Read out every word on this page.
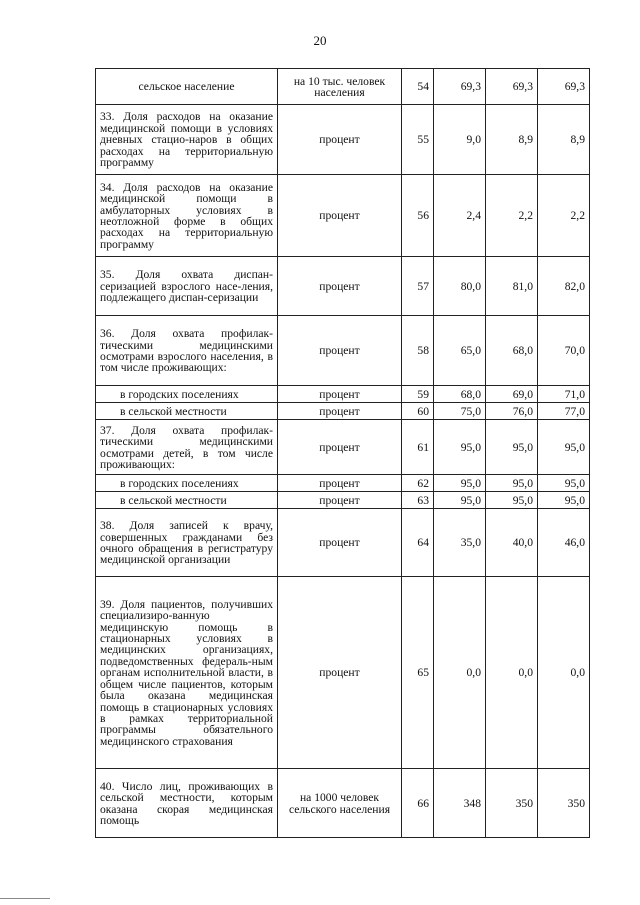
20
сельское население	на 10 тыс. человек населения	54	69,3	69,3	69,3
33. Доля расходов на оказание медицинской помощи в условиях дневных стацио-наров в общих расходах на территориальную программу	процент	55	9,0	8,9	8,9
34. Доля расходов на оказание медицинской помощи в амбулаторных условиях в неотложной форме в общих расходах на территориальную программу	процент	56	2,4	2,2	2,2
35. Доля охвата диспан-серизацией взрослого насе-ления, подлежащего диспан-серизации	процент	57	80,0	81,0	82,0
36. Доля охвата профилак-тическими медицинскими осмотрами взрослого населения, в том числе проживающих:	процент	58	65,0	68,0	70,0
в городских поселениях	процент	59	68,0	69,0	71,0
в сельской местности	процент	60	75,0	76,0	77,0
37. Доля охвата профилак-тическими медицинскими осмотрами детей, в том числе проживающих:	процент	61	95,0	95,0	95,0
в городских поселениях	процент	62	95,0	95,0	95,0
в сельской местности	процент	63	95,0	95,0	95,0
38. Доля записей к врачу, совершенных гражданами без очного обращения в регистратуру медицинской организации	процент	64	35,0	40,0	46,0
39. Доля пациентов, получивших специализиро-ванную медицинскую помощь в стационарных условиях в медицинских организациях, подведомственных федераль-ным органам исполнительной власти, в общем числе пациентов, которым была оказана медицинская помощь в стационарных условиях в рамках территориальной программы обязательного медицинского страхования	процент	65	0,0	0,0	0,0
40. Число лиц, проживающих в сельской местности, которым оказана скорая медицинская помощь	на 1000 человек сельского населения	66	348	350	350
